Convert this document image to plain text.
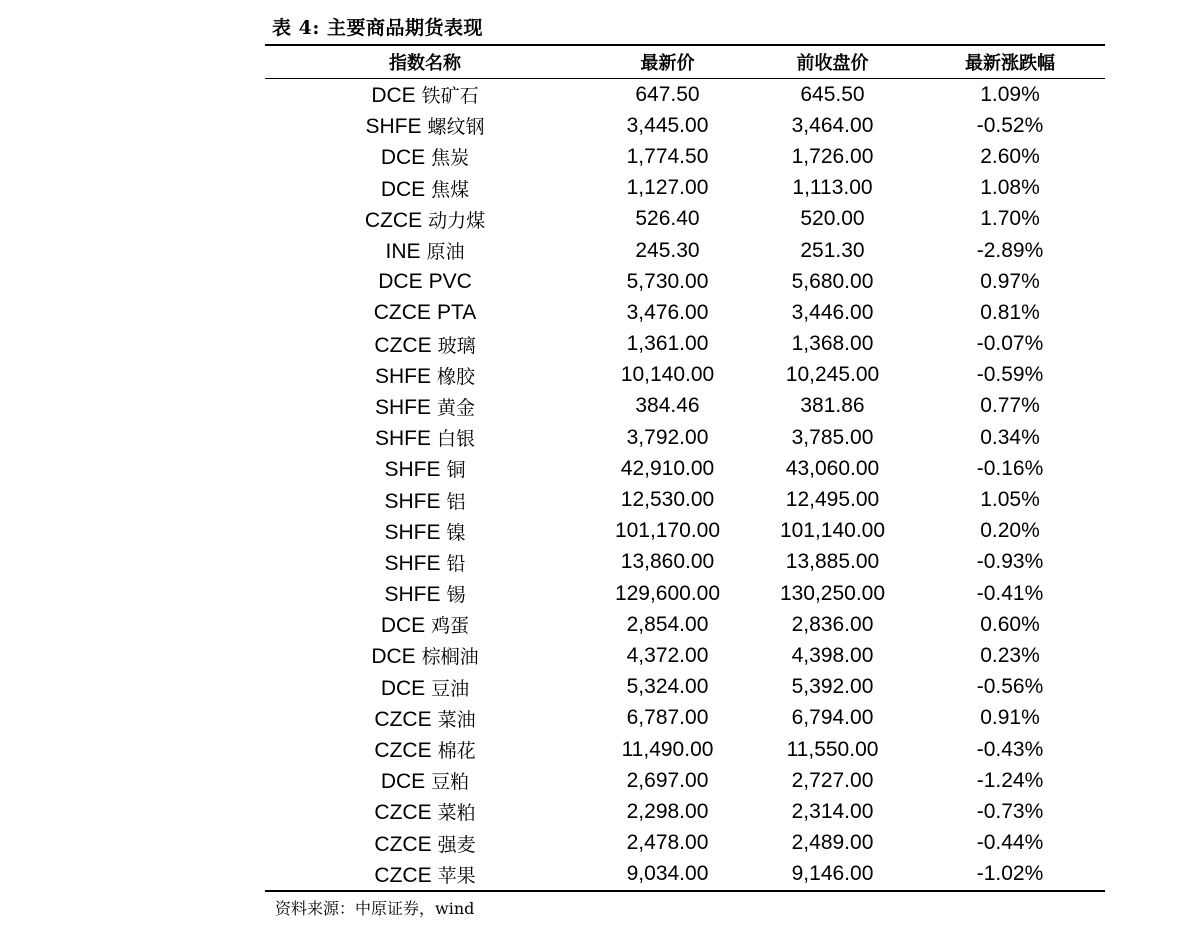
表 4: 主要商品期货表现
指数名称	最新价	前收盘价	最新涨跌幅
DCE 铁矿石	647.50	645.50	1.09%
SHFE 螺纹钢	3,445.00	3,464.00	-0.52%
DCE 焦炭	1,774.50	1,726.00	2.60%
DCE 焦煤	1,127.00	1,113.00	1.08%
CZCE 动力煤	526.40	520.00	1.70%
INE 原油	245.30	251.30	-2.89%
DCE PVC	5,730.00	5,680.00	0.97%
CZCE PTA	3,476.00	3,446.00	0.81%
CZCE 玻璃	1,361.00	1,368.00	-0.07%
SHFE 橡胶	10,140.00	10,245.00	-0.59%
SHFE 黄金	384.46	381.86	0.77%
SHFE 白银	3,792.00	3,785.00	0.34%
SHFE 铜	42,910.00	43,060.00	-0.16%
SHFE 铝	12,530.00	12,495.00	1.05%
SHFE 镍	101,170.00	101,140.00	0.20%
SHFE 铅	13,860.00	13,885.00	-0.93%
SHFE 锡	129,600.00	130,250.00	-0.41%
DCE 鸡蛋	2,854.00	2,836.00	0.60%
DCE 棕榈油	4,372.00	4,398.00	0.23%
DCE 豆油	5,324.00	5,392.00	-0.56%
CZCE 菜油	6,787.00	6,794.00	0.91%
CZCE 棉花	11,490.00	11,550.00	-0.43%
DCE 豆粕	2,697.00	2,727.00	-1.24%
CZCE 菜粕	2,298.00	2,314.00	-0.73%
CZCE 强麦	2,478.00	2,489.00	-0.44%
CZCE 苹果	9,034.00	9,146.00	-1.02%
资料来源：中原证券，wind
